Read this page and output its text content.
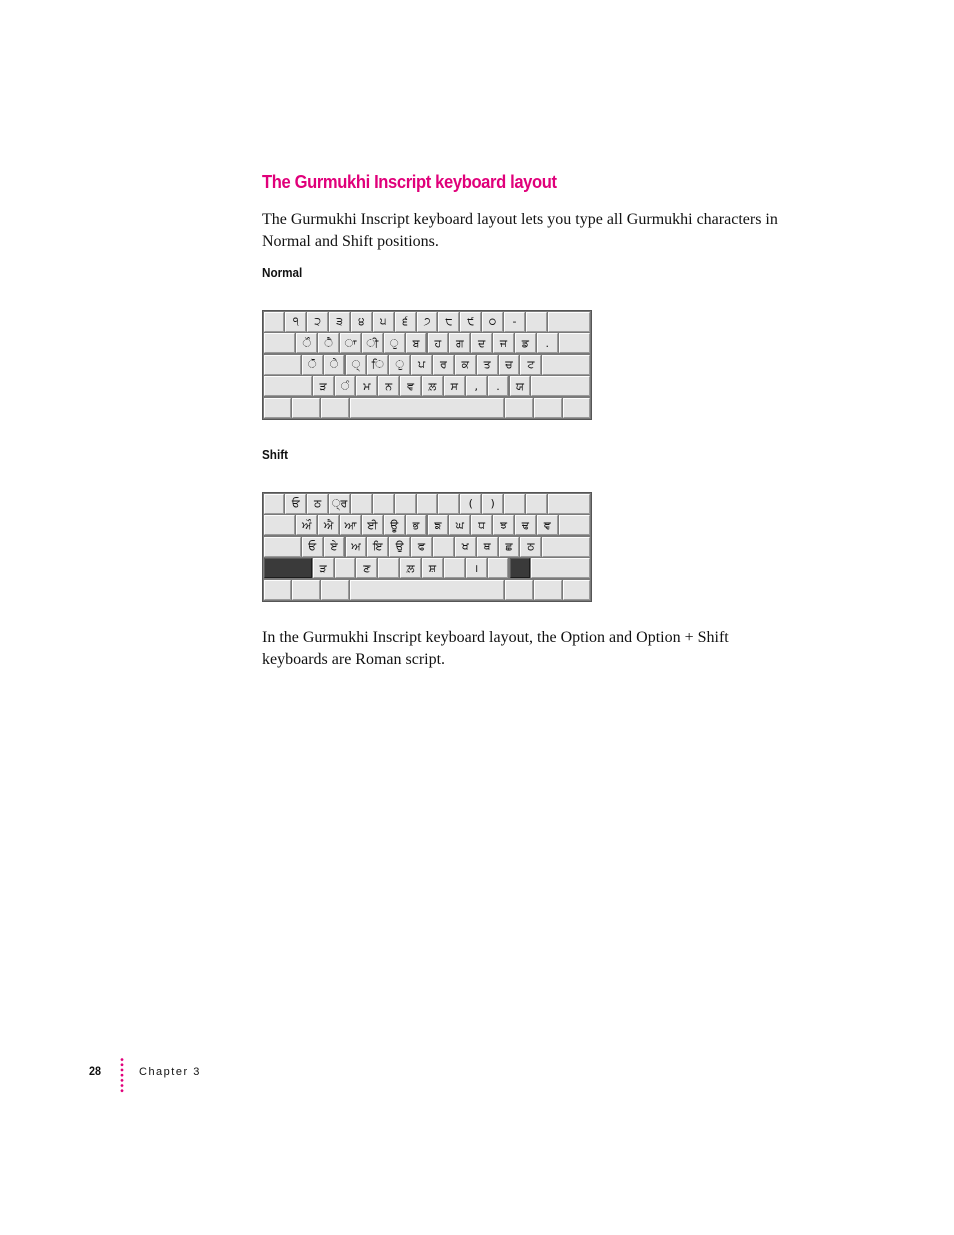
The Gurmukhi Inscript keyboard layout

The Gurmukhi Inscript keyboard layout lets you type all Gurmukhi characters in Normal and Shift positions.

Normal
੧	੨	੩	੪	੫	੬	੭	੮	੯	੦	-
ੌ	ੈ	ਾ ੀ	ੁ	ਬ	ਹ	ਗ	ਦ	ਜ	ਡ	.
ੋ	ੇ	੍	ਿ	ੁ	ਪ	ਰ	ਕ	ਤ	ਚ	ਟ
ੜ	ੰ	ਮ	ਨ	ਵ	ਲ਼	ਸ	,	.	ਯ
Shift
ਓ	ਠ ੍ਰ	(	)
ਔ	ਐ	ਆ ਈ	ਊ	ਭ	ਙ	ਘ	ਧ	ਝ	ਢ	ਞ
ਓ	ਏ	ਅ	ਇ	ਉ	ਫ	ਖ	ਥ	ਛ	ਠ
ੜ	ਣ	ਲ਼	ਸ਼	।

In the Gurmukhi Inscript keyboard layout, the Option and Option + Shift keyboards are Roman script.

28	Chapter 3
